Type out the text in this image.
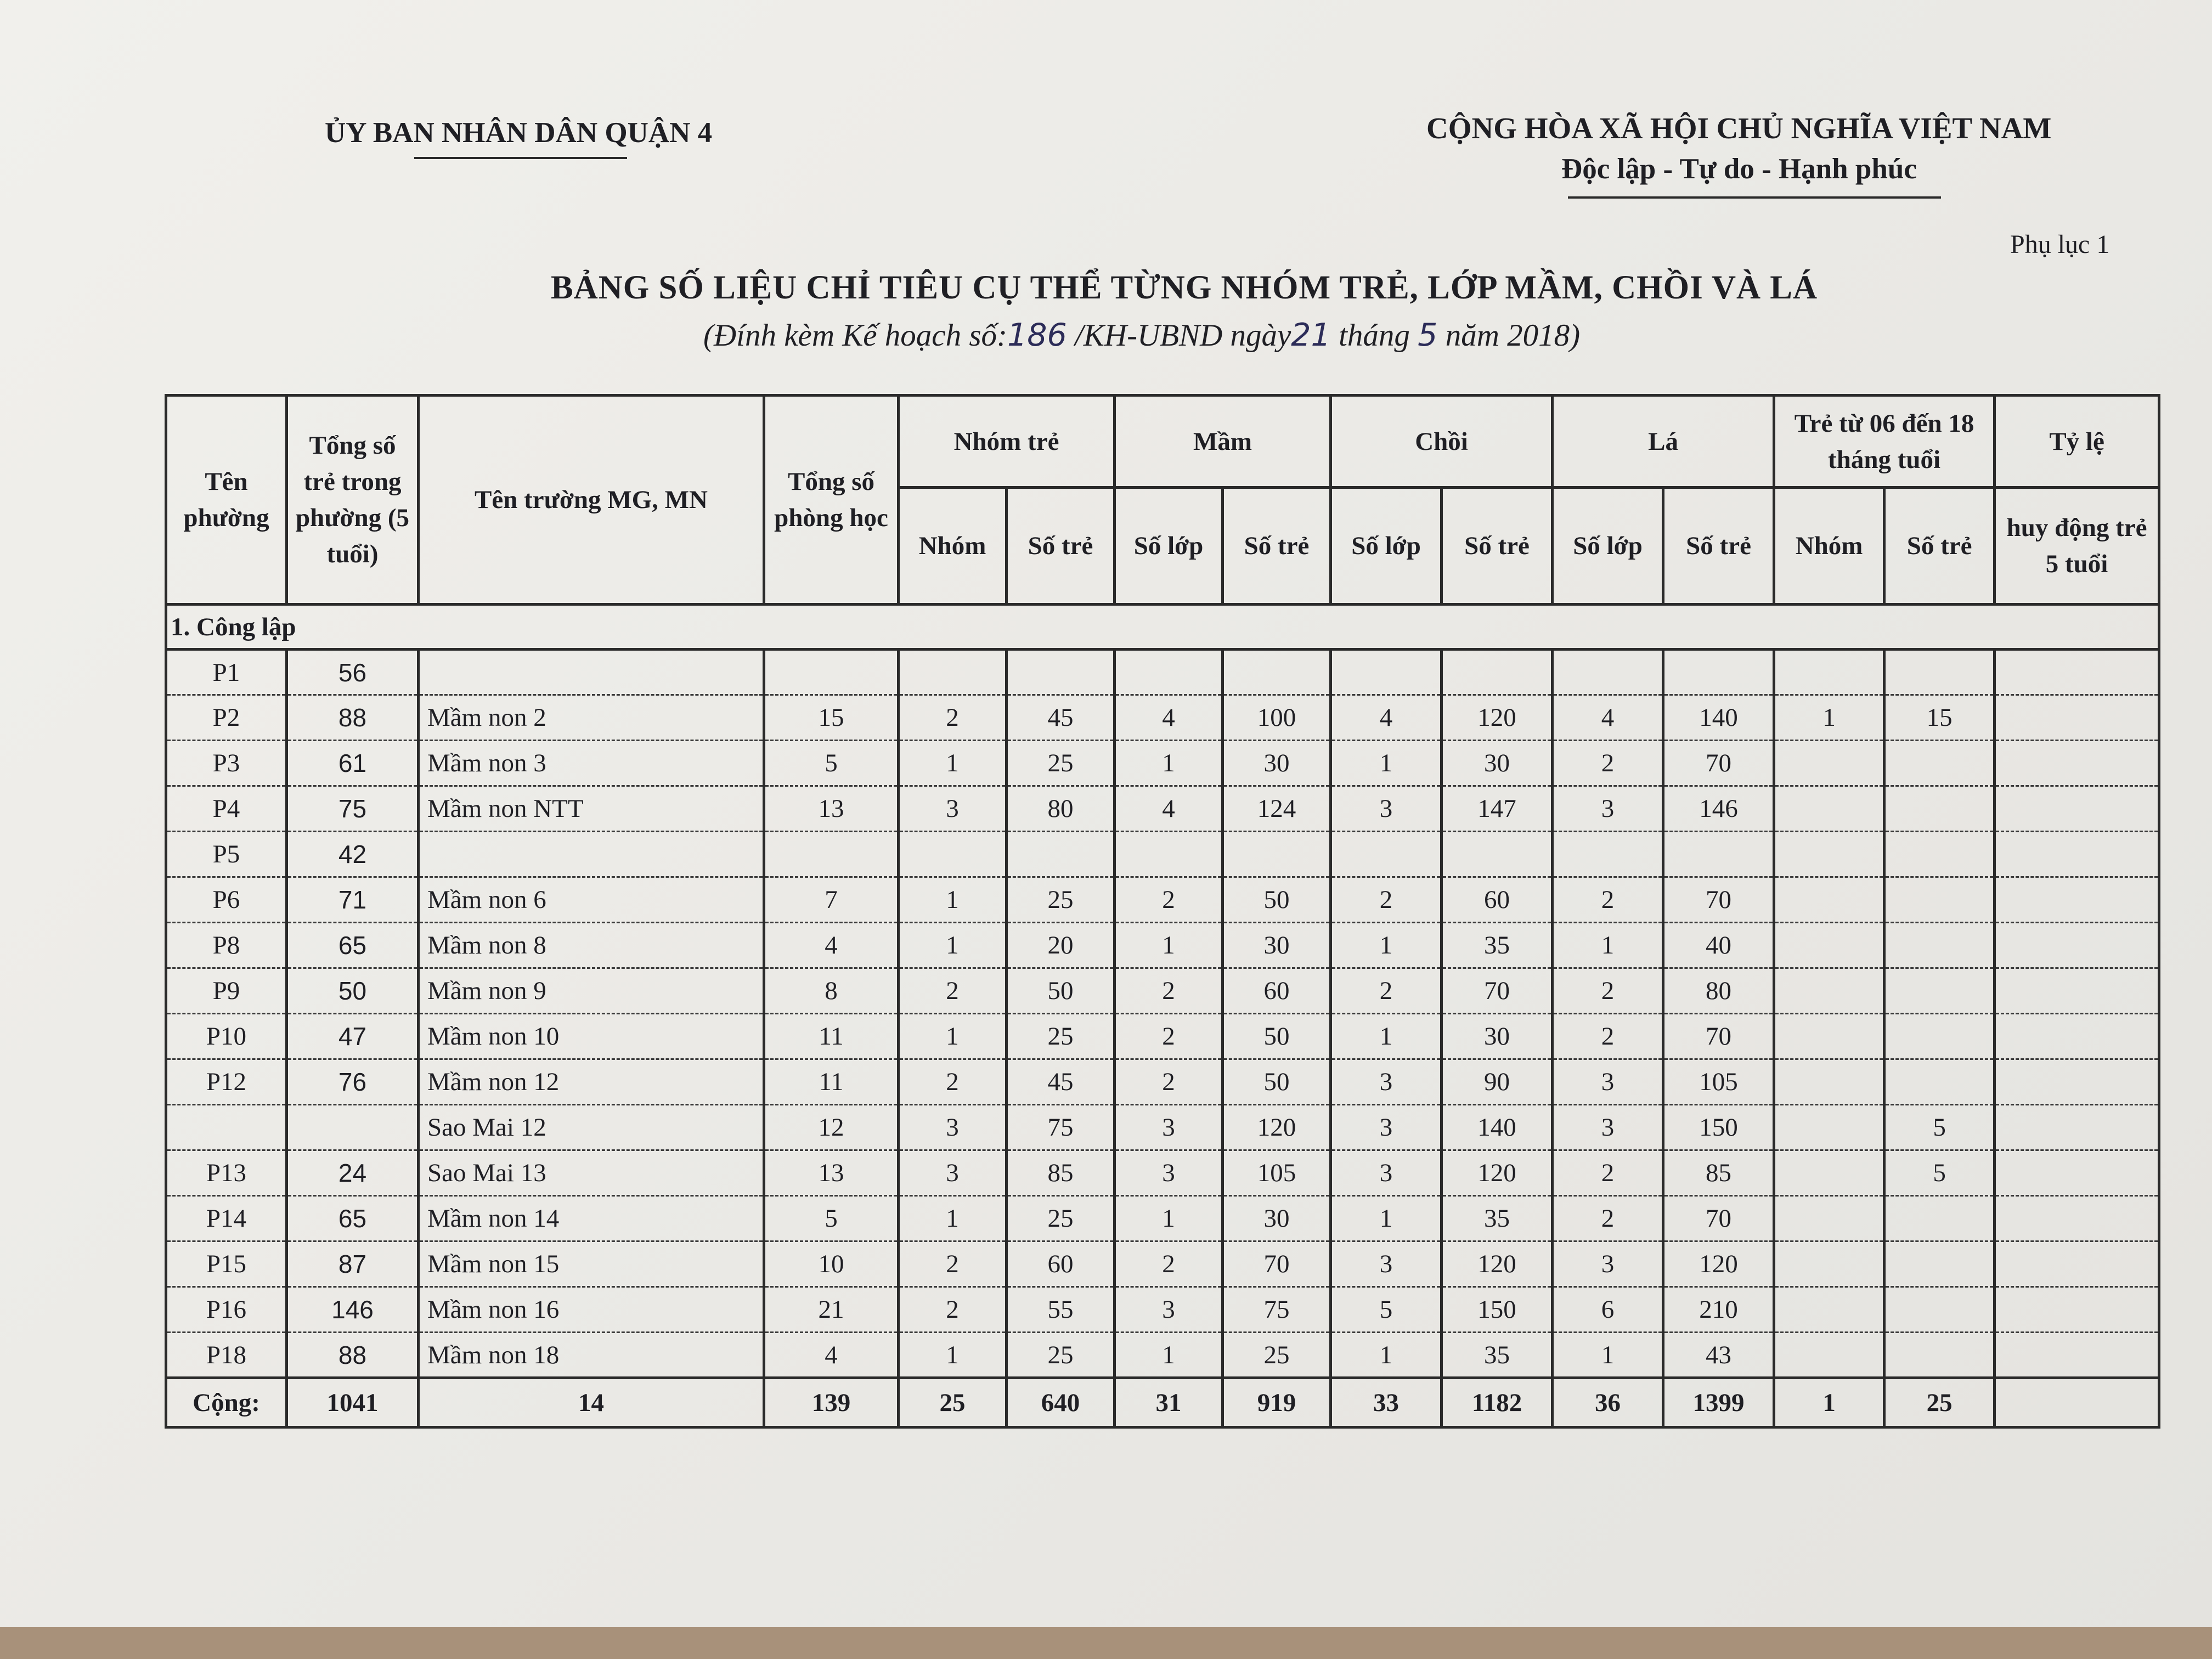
ỦY BAN NHÂN DÂN QUẬN 4	CỘNG HÒA XÃ HỘI CHỦ NGHĨA VIỆT NAM
Độc lập - Tự do - Hạnh phúc
Phụ lục 1
BẢNG SỐ LIỆU CHỈ TIÊU CỤ THỂ TỪNG NHÓM TRẺ, LỚP MẦM, CHỒI VÀ LÁ
(Đính kèm Kế hoạch số:186 /KH-UBND ngày21 tháng 5 năm 2018)
Tên phường	Tổng số trẻ trong phường (5 tuổi)	Tên trường MG, MN	Tổng số phòng học	Nhóm trẻ		Mầm		Chồi		Lá		Trẻ từ 06 đến 18 tháng tuổi		Tỷ lệ
				Nhóm	Số trẻ	Số lớp	Số trẻ	Số lớp	Số trẻ	Số lớp	Số trẻ	Nhóm	Số trẻ	huy động trẻ 5 tuổi
1. Công lập														
P1	56													
P2	88	Mầm non 2	15	2	45	4	100	4	120	4	140	1	15	
P3	61	Mầm non 3	5	1	25	1	30	1	30	2	70			
P4	75	Mầm non NTT	13	3	80	4	124	3	147	3	146			
P5	42													
P6	71	Mầm non 6	7	1	25	2	50	2	60	2	70			
P8	65	Mầm non 8	4	1	20	1	30	1	35	1	40			
P9	50	Mầm non 9	8	2	50	2	60	2	70	2	80			
P10	47	Mầm non 10	11	1	25	2	50	1	30	2	70			
P12	76	Mầm non 12	11	2	45	2	50	3	90	3	105			
		Sao Mai 12	12	3	75	3	120	3	140	3	150		5	
P13	24	Sao Mai 13	13	3	85	3	105	3	120	2	85		5	
P14	65	Mầm non 14	5	1	25	1	30	1	35	2	70			
P15	87	Mầm non 15	10	2	60	2	70	3	120	3	120			
P16	146	Mầm non 16	21	2	55	3	75	5	150	6	210			
P18	88	Mầm non 18	4	1	25	1	25	1	35	1	43			
Cộng:	1041	14	139	25	640	31	919	33	1182	36	1399	1	25	
